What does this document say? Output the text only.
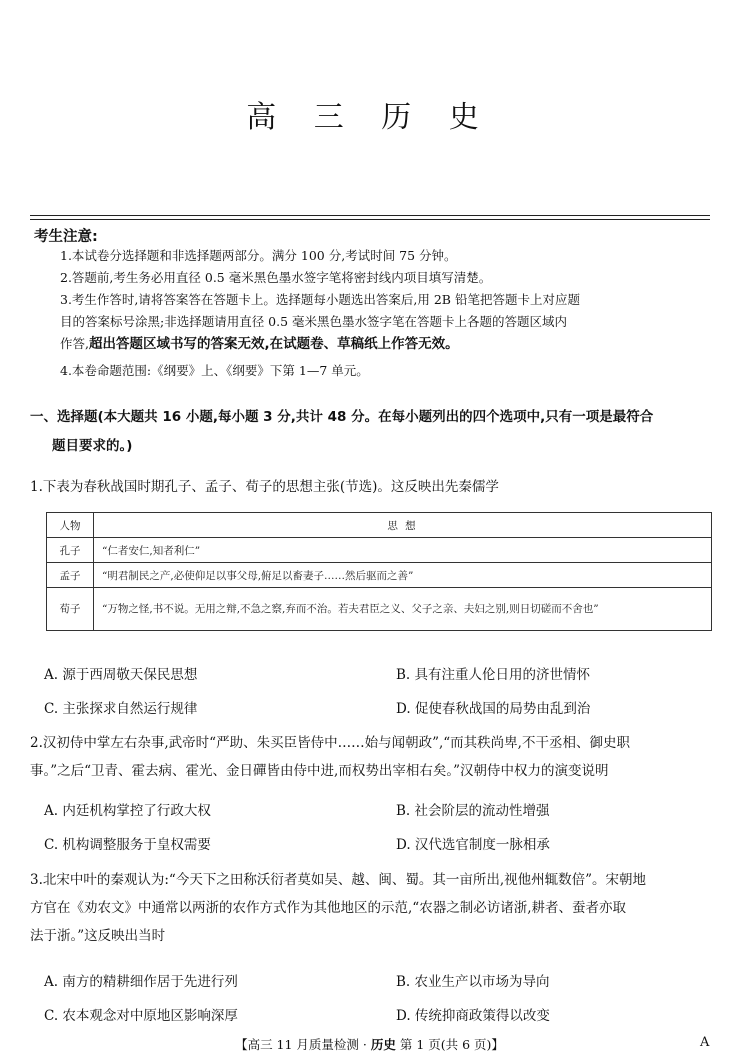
高 三 历 史
考生注意:
1.本试卷分选择题和非选择题两部分。满分 100 分,考试时间 75 分钟。
2.答题前,考生务必用直径 0.5 毫米黑色墨水签字笔将密封线内项目填写清楚。
3.考生作答时,请将答案答在答题卡上。选择题每小题选出答案后,用 2B 铅笔把答题卡上对应题
目的答案标号涂黑;非选择题请用直径 0.5 毫米黑色墨水签字笔在答题卡上各题的答题区域内
作答,超出答题区域书写的答案无效,在试题卷、草稿纸上作答无效。
4.本卷命题范围:《纲要》上、《纲要》下第 1—7 单元。
一、选择题(本大题共 16 小题,每小题 3 分,共计 48 分。在每小题列出的四个选项中,只有一项是最符合
题目要求的。)
1.下表为春秋战国时期孔子、孟子、荀子的思想主张(节选)。这反映出先秦儒学
人物	思 想
孔子	“仁者安仁,知者利仁”
孟子	“明君制民之产,必使仰足以事父母,俯足以畜妻子……然后驱而之善”
荀子	“万物之怪,书不说。无用之辩,不急之察,弃而不治。若夫君臣之义、父子之亲、夫妇之别,则日切磋而不舍也”
A. 源于西周敬天保民思想	B. 具有注重人伦日用的济世情怀
C. 主张探求自然运行规律	D. 促使春秋战国的局势由乱到治
2.汉初侍中掌左右杂事,武帝时“严助、朱买臣皆侍中……始与闻朝政”,“而其秩尚卑,不干丞相、御史职
事。”之后“卫青、霍去病、霍光、金日磾皆由侍中进,而权势出宰相右矣。”汉朝侍中权力的演变说明
A. 内廷机构掌控了行政大权	B. 社会阶层的流动性增强
C. 机构调整服务于皇权需要	D. 汉代选官制度一脉相承
3.北宋中叶的秦观认为:“今天下之田称沃衍者莫如吴、越、闽、蜀。其一亩所出,视他州辄数倍”。宋朝地
方官在《劝农文》中通常以两浙的农作方式作为其他地区的示范,“农器之制必访诸浙,耕者、蚕者亦取
法于浙。”这反映出当时
A. 南方的精耕细作居于先进行列	B. 农业生产以市场为导向
C. 农本观念对中原地区影响深厚	D. 传统抑商政策得以改变
【高三 11 月质量检测 · 历史 第 1 页(共 6 页)】	A
